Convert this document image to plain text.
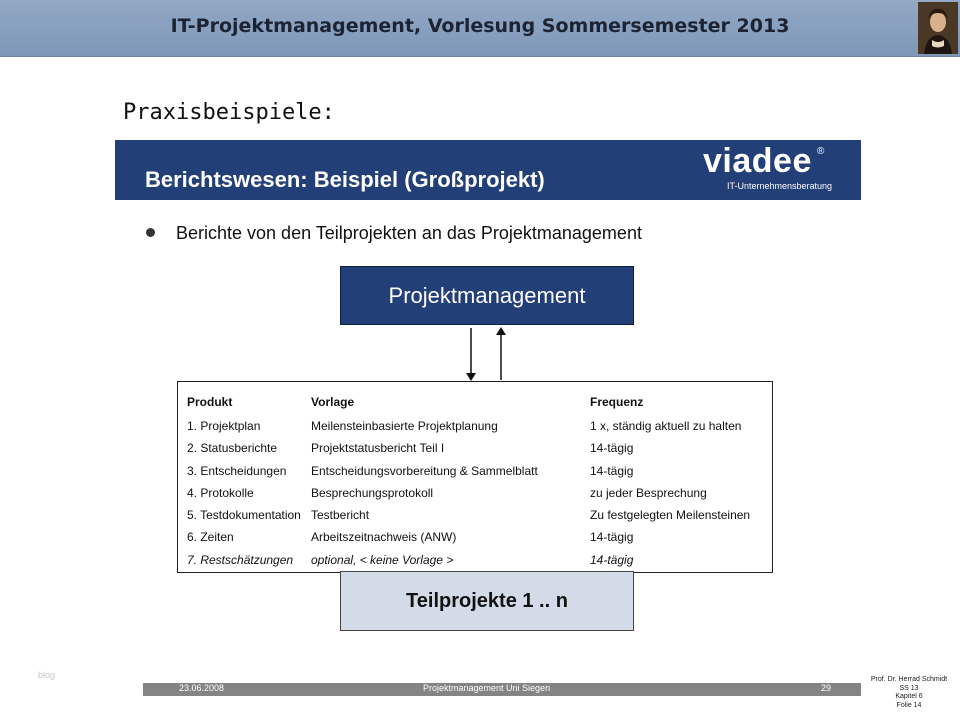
IT-Projektmanagement, Vorlesung Sommersemester 2013
Praxisbeispiele:
Berichtswesen: Beispiel (Großprojekt)	viadee ®
IT-Unternehmensberatung
Berichte von den Teilprojekten an das Projektmanagement
Projektmanagement
Produkt	Vorlage	Frequenz
1. Projektplan	Meilensteinbasierte Projektplanung	1 x, ständig aktuell zu halten
2. Statusberichte	Projektstatusbericht Teil I	14-tägig
3. Entscheidungen	Entscheidungsvorbereitung & Sammelblatt	14-tägig
4. Protokolle	Besprechungsprotokoll	zu jeder Besprechung
5. Testdokumentation	Testbericht	Zu festgelegten Meilensteinen
6. Zeiten	Arbeitszeitnachweis (ANW)	14-tägig
7. Restschätzungen	optional, < keine Vorlage >	14-tägig
Teilprojekte 1 .. n
23.06.2008	Projektmanagement Uni Siegen	29
blog	Prof. Dr. Herrad Schmidt
SS 13
Kapitel 6
Folie 14
